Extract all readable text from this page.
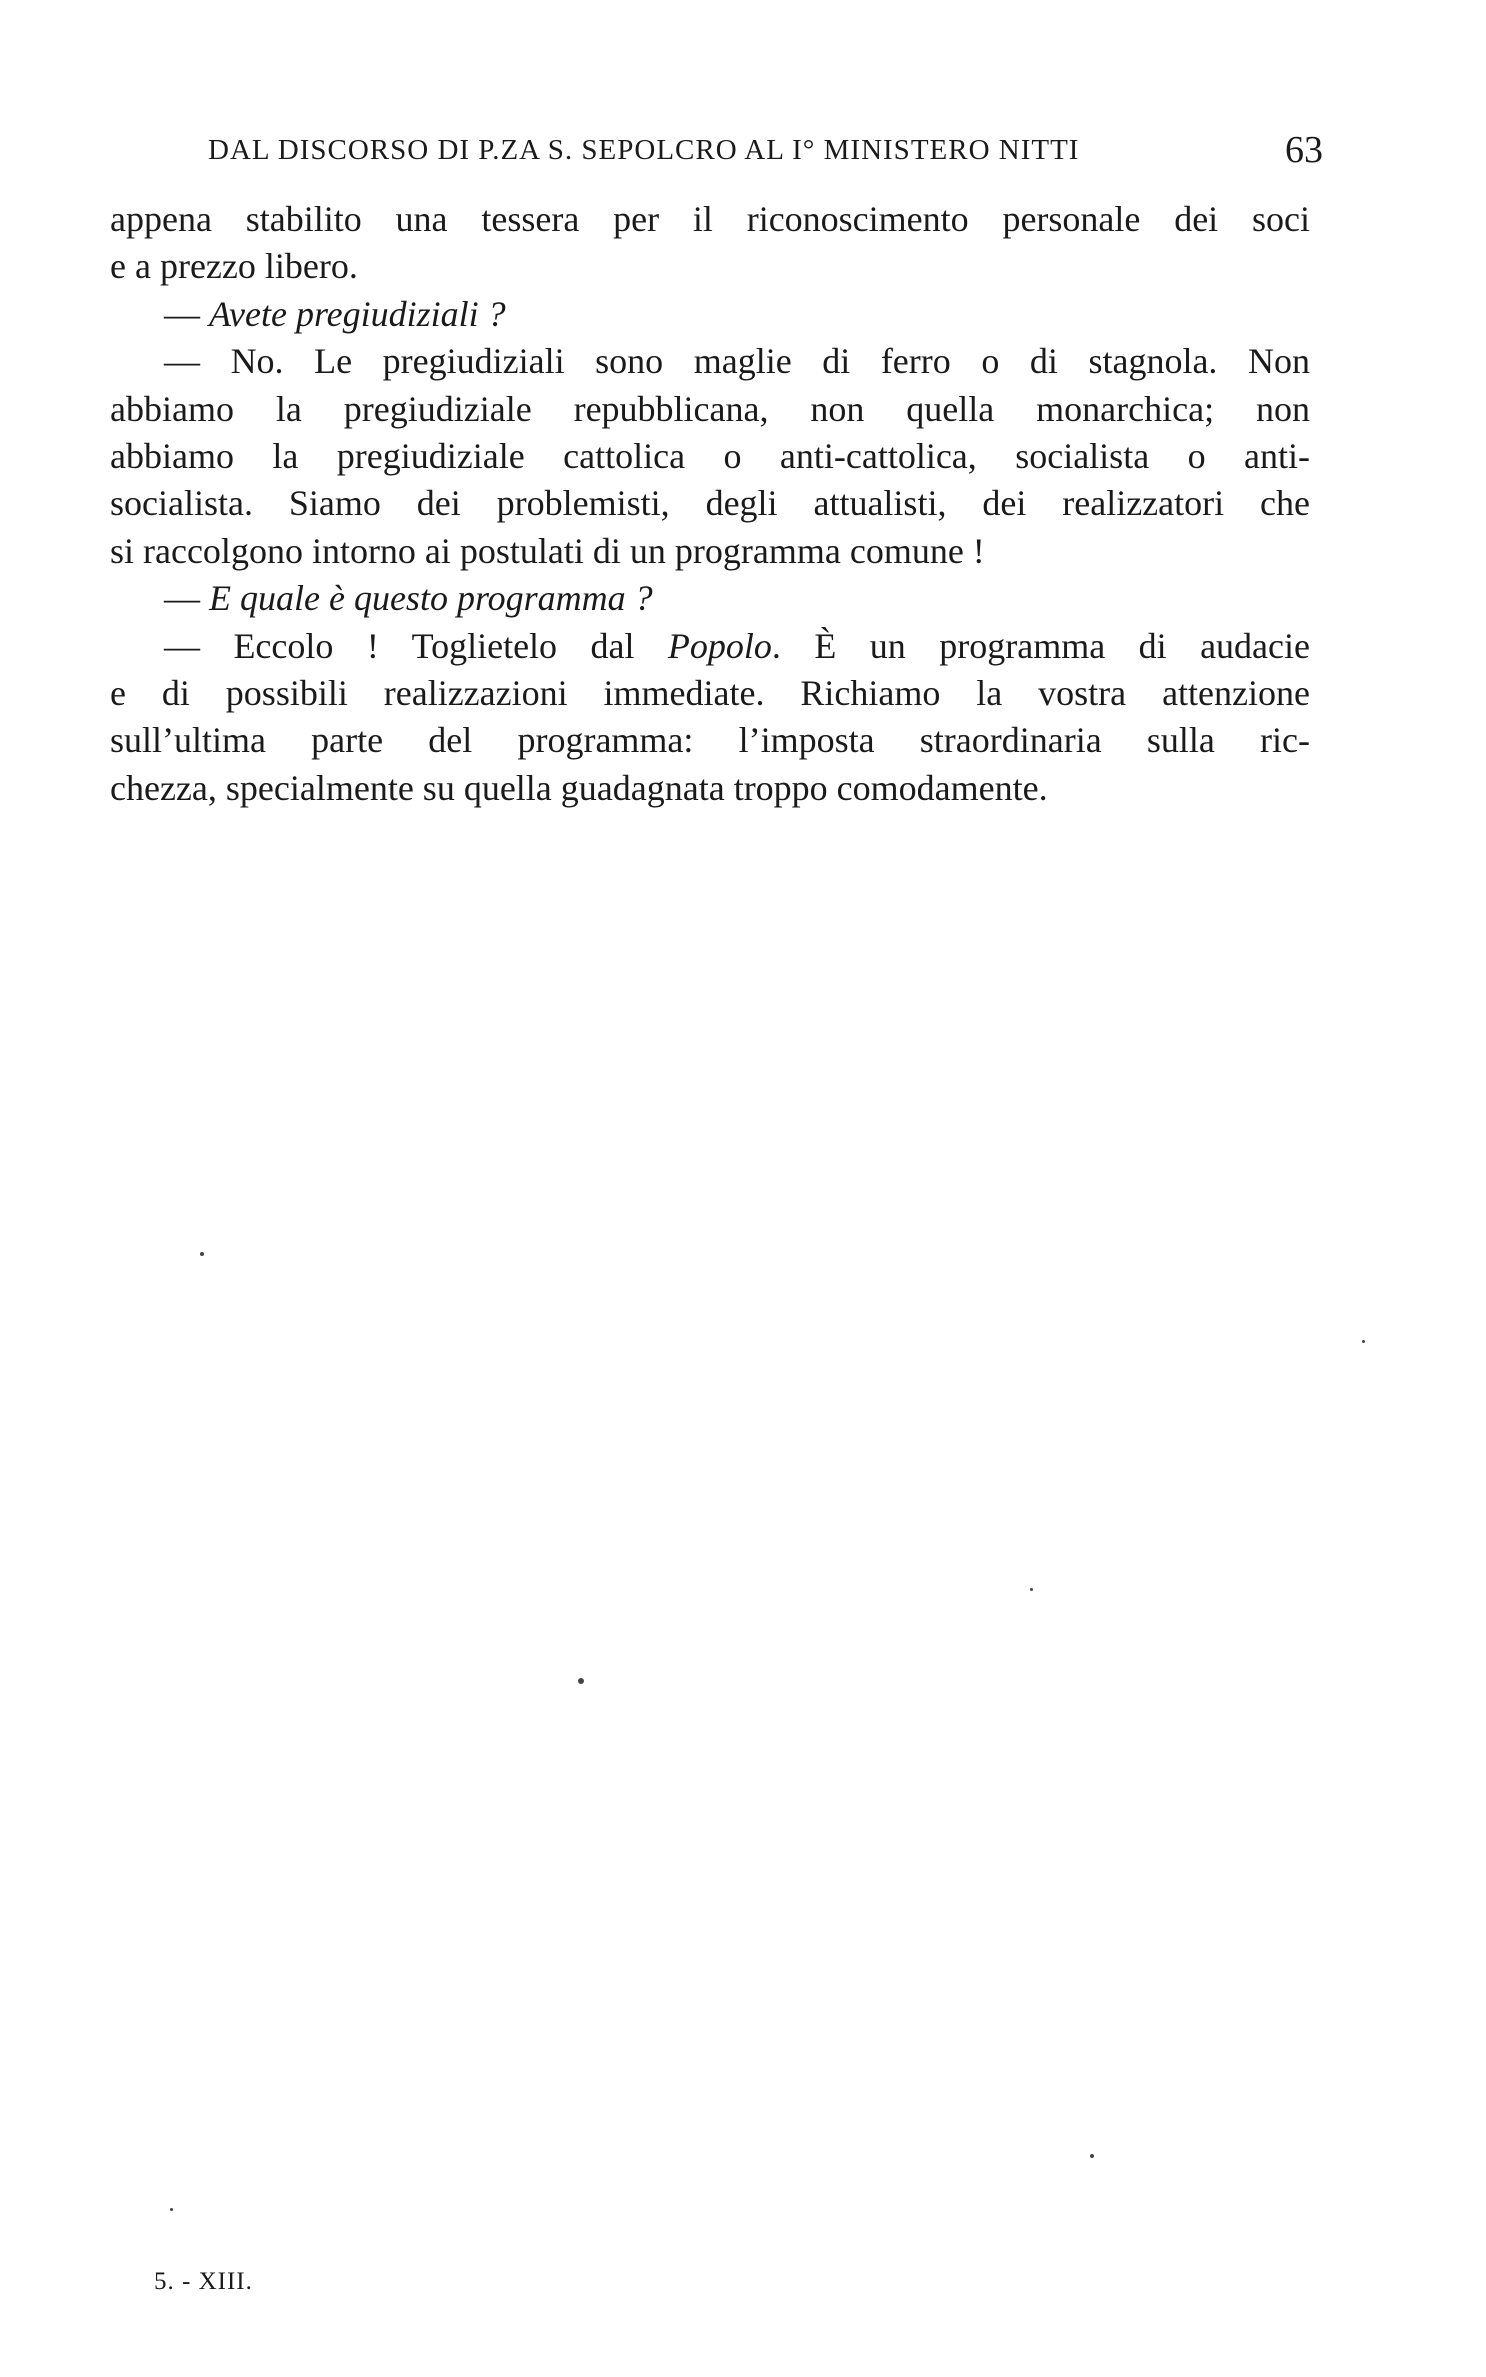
DAL DISCORSO DI P.ZA S. SEPOLCRO AL I° MINISTERO NITTI	63
appena stabilito una tessera per il riconoscimento personale dei soci
e a prezzo libero.
— Avete pregiudiziali ?
— No. Le pregiudiziali sono maglie di ferro o di stagnola. Non
abbiamo la pregiudiziale repubblicana, non quella monarchica; non
abbiamo la pregiudiziale cattolica o anti-cattolica, socialista o anti-
socialista. Siamo dei problemisti, degli attualisti, dei realizzatori che
si raccolgono intorno ai postulati di un programma comune !
— E quale è questo programma ?
— Eccolo ! Toglietelo dal Popolo. È un programma di audacie
e di possibili realizzazioni immediate. Richiamo la vostra attenzione
sull’ultima parte del programma: l’imposta straordinaria sulla ric-
chezza, specialmente su quella guadagnata troppo comodamente.
5. - XIII.
